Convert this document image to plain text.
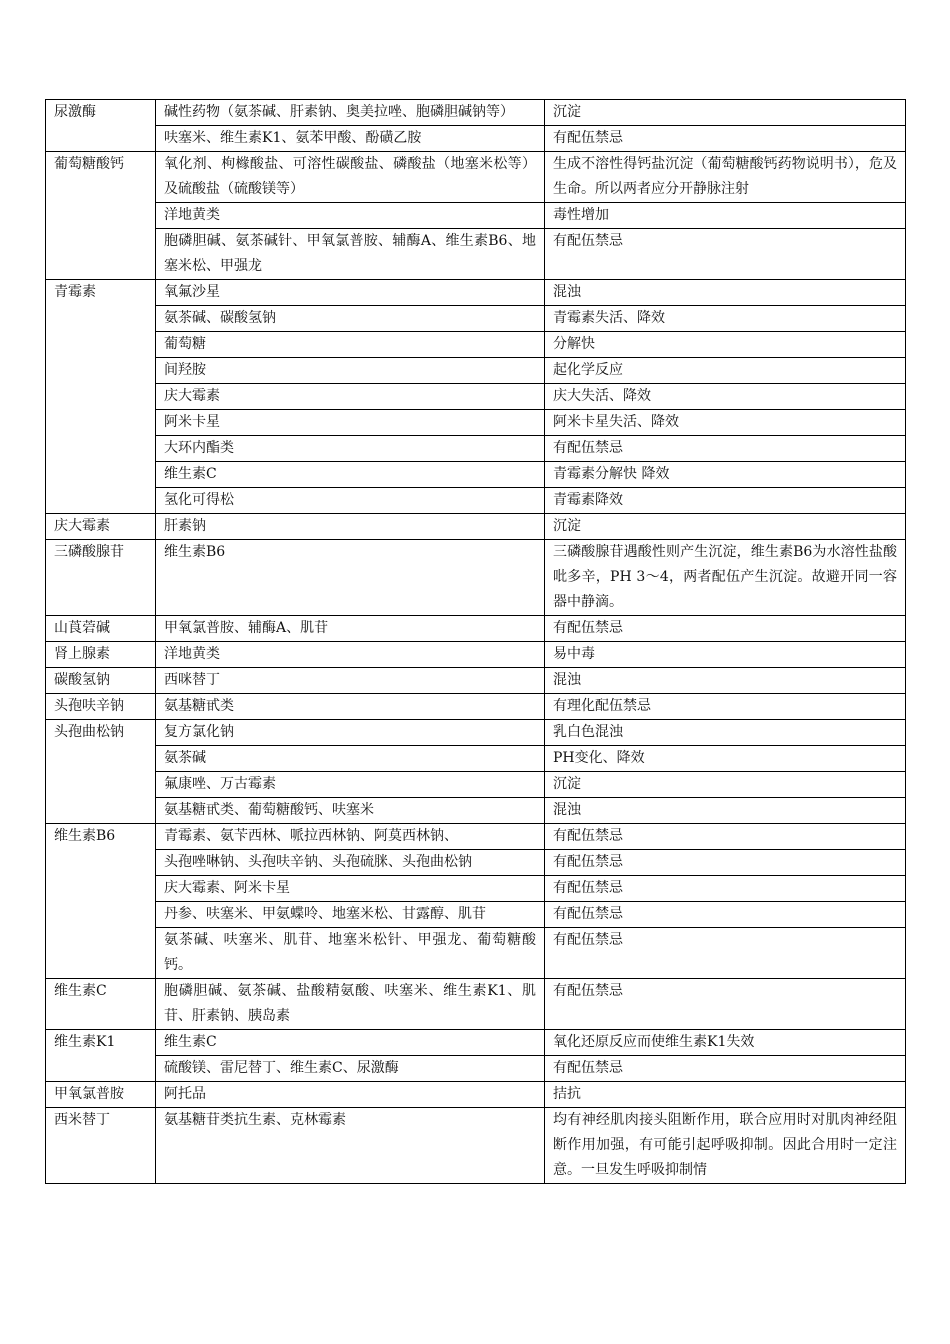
尿激酶	碱性药物（氨茶碱、肝素钠、奥美拉唑、胞磷胆碱钠等）	沉淀
	呋塞米、维生素K1、氨苯甲酸、酚磺乙胺	有配伍禁忌
葡萄糖酸钙	氧化剂、枸橼酸盐、可溶性碳酸盐、磷酸盐（地塞米松等）及硫酸盐（硫酸镁等）	生成不溶性得钙盐沉淀（葡萄糖酸钙药物说明书），危及生命。所以两者应分开静脉注射
	洋地黄类	毒性增加
	胞磷胆碱、氨茶碱针、甲氧氯普胺、辅酶A、维生素B6、地塞米松、甲强龙	有配伍禁忌
青霉素	氧氟沙星	混浊
	氨茶碱、碳酸氢钠	青霉素失活、降效
	葡萄糖	分解快
	间羟胺	起化学反应
	庆大霉素	庆大失活、降效
	阿米卡星	阿米卡星失活、降效
	大环内酯类	有配伍禁忌
	维生素C	青霉素分解快 降效
	氢化可得松	青霉素降效
庆大霉素	肝素钠	沉淀
三磷酸腺苷	维生素B6	三磷酸腺苷遇酸性则产生沉淀，维生素B6为水溶性盐酸吡多辛，PH 3～4，两者配伍产生沉淀。故避开同一容器中静滴。
山莨菪碱	甲氧氯普胺、辅酶A、肌苷	有配伍禁忌
肾上腺素	洋地黄类	易中毒
碳酸氢钠	西咪替丁	混浊
头孢呋辛钠	氨基糖甙类	有理化配伍禁忌
头孢曲松钠	复方氯化钠	乳白色混浊
	氨茶碱	PH变化、降效
	氟康唑、万古霉素	沉淀
	氨基糖甙类、葡萄糖酸钙、呋塞米	混浊
维生素B6	青霉素、氨苄西林、哌拉西林钠、阿莫西林钠、	有配伍禁忌
	头孢唑啉钠、头孢呋辛钠、头孢硫脒、头孢曲松钠	有配伍禁忌
	庆大霉素、阿米卡星	有配伍禁忌
	丹参、呋塞米、甲氨蝶呤、地塞米松、甘露醇、肌苷	有配伍禁忌
	氨茶碱、呋塞米、肌苷、地塞米松针、甲强龙、葡萄糖酸钙。	有配伍禁忌
维生素C	胞磷胆碱、氨茶碱、盐酸精氨酸、呋塞米、维生素K1、肌苷、肝素钠、胰岛素	有配伍禁忌
维生素K1	维生素C	氧化还原反应而使维生素K1失效
	硫酸镁、雷尼替丁、维生素C、尿激酶	有配伍禁忌
甲氧氯普胺	阿托品	拮抗
西米替丁	氨基糖苷类抗生素、克林霉素	均有神经肌肉接头阻断作用，联合应用时对肌肉神经阻断作用加强，有可能引起呼吸抑制。因此合用时一定注意。一旦发生呼吸抑制情
